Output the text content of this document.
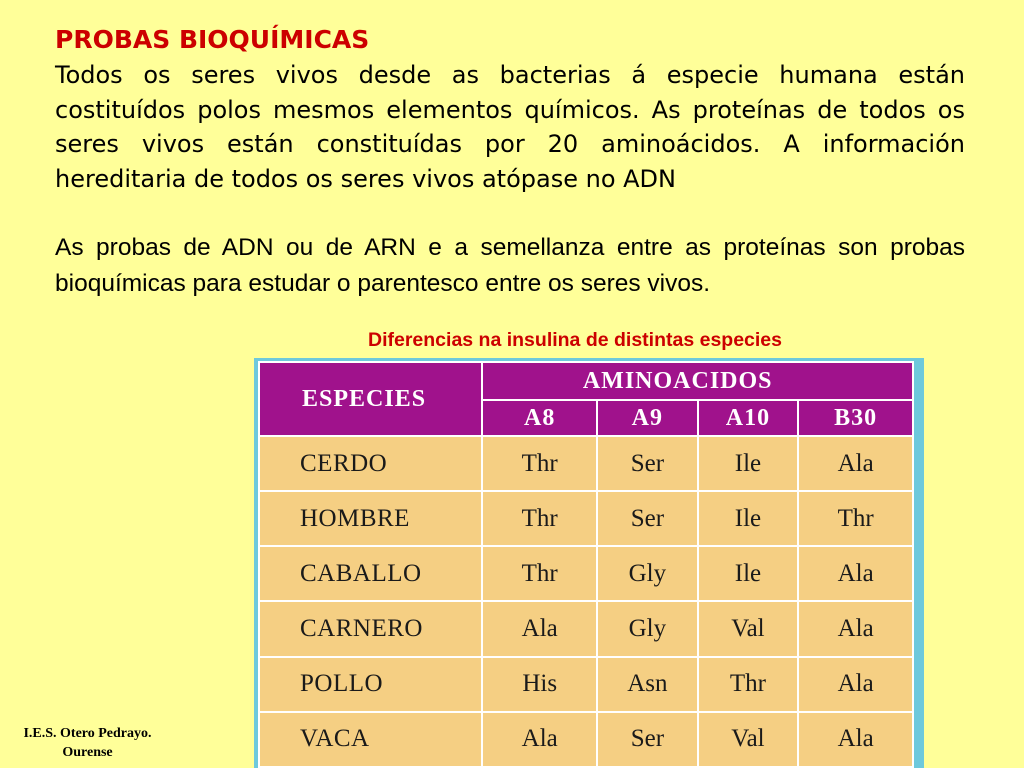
PROBAS BIOQUÍMICAS

Todos os seres vivos desde as bacterias á especie humana están costituídos polos mesmos elementos químicos. As proteínas de todos os seres vivos están constituídas por 20 aminoácidos. A información hereditaria de todos os seres vivos atópase no ADN

As probas de ADN ou de ARN e a semellanza entre as proteínas son probas bioquímicas para estudar o parentesco entre os seres vivos.

Diferencias na insulina de distintas especies

ESPECIES	AMINOACIDOS			
	A8	A9	A10	B30
CERDO	Thr	Ser	Ile	Ala
HOMBRE	Thr	Ser	Ile	Thr
CABALLO	Thr	Gly	Ile	Ala
CARNERO	Ala	Gly	Val	Ala
POLLO	His	Asn	Thr	Ala
VACA	Ala	Ser	Val	Ala
I.E.S. Otero Pedrayo.
Ourense
